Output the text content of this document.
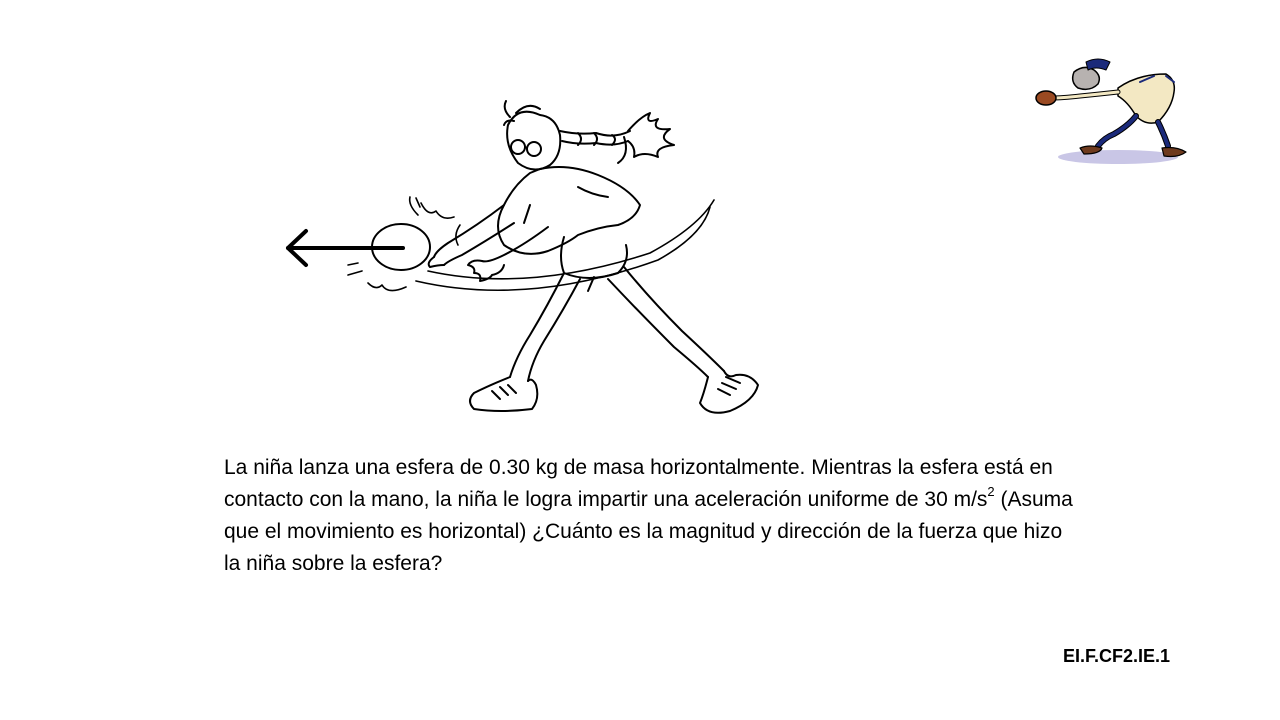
La niña lanza una esfera de 0.30 kg de masa horizontalmente. Mientras la esfera está en contacto con la mano, la niña le logra impartir una aceleración uniforme de 30 $m/s^2$ (Asuma que el movimiento es horizontal) ¿Cuánto es la magnitud y dirección de la fuerza que hizo la niña sobre la esfera?

EI.F.CF2.IE.1
